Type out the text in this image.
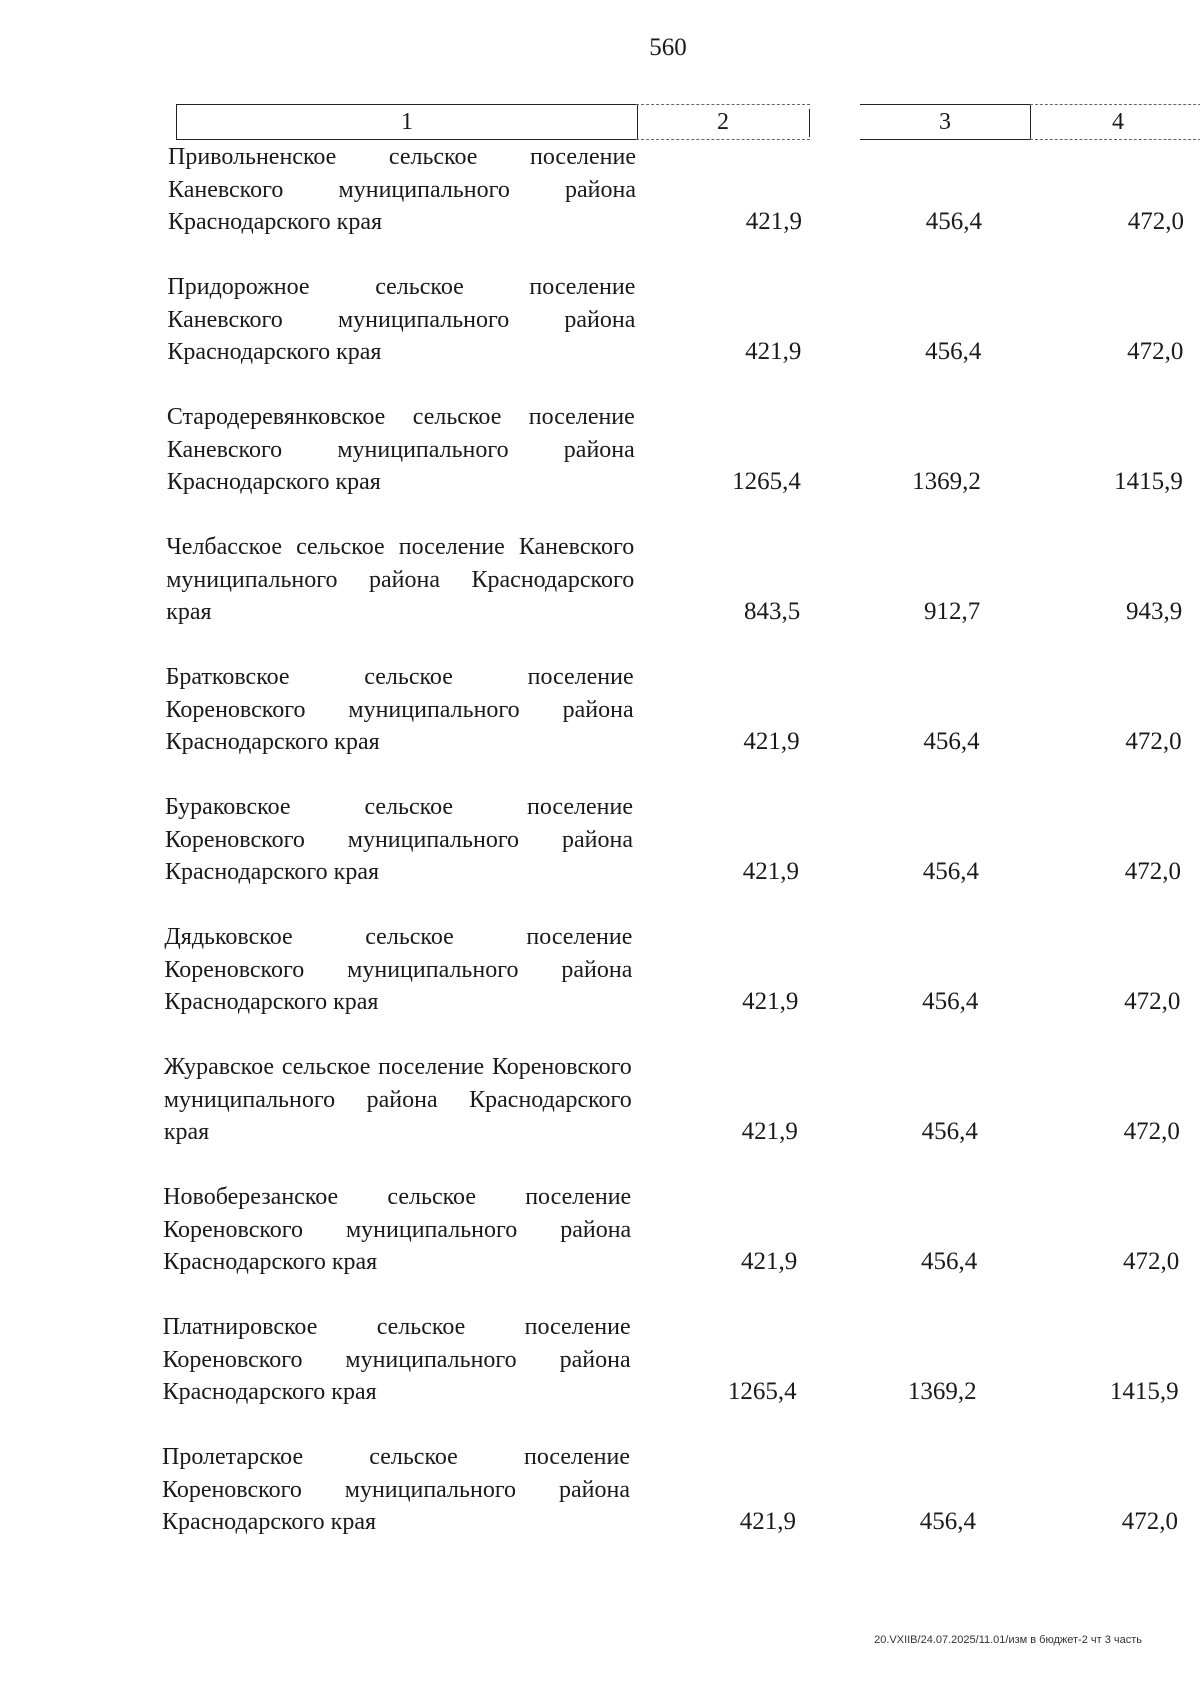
560
1	2	3	4
Привольненское сельское поселение Каневского муниципального района Краснодарского края	421,9	456,4	472,0
Придорожное сельское поселение Каневского муниципального района Краснодарского края	421,9	456,4	472,0
Стародеревянковское сельское поселение Каневского муниципального района Краснодарского края	1265,4	1369,2	1415,9
Челбасское сельское поселение Каневского муниципального района Краснодарского края	843,5	912,7	943,9
Братковское сельское поселение Кореновского муниципального района Краснодарского края	421,9	456,4	472,0
Бураковское сельское поселение Кореновского муниципального района Краснодарского края	421,9	456,4	472,0
Дядьковское сельское поселение Кореновского муниципального района Краснодарского края	421,9	456,4	472,0
Журавское сельское поселение Кореновского муниципального района Краснодарского края	421,9	456,4	472,0
Новоберезанское сельское поселение Кореновского муниципального района Краснодарского края	421,9	456,4	472,0
Платнировское сельское поселение Кореновского муниципального района Краснодарского края	1265,4	1369,2	1415,9
Пролетарское сельское поселение Кореновского муниципального района Краснодарского края	421,9	456,4	472,0
20.VXIIB/24.07.2025/11.01/изм в бюджет-2 чт 3 часть
